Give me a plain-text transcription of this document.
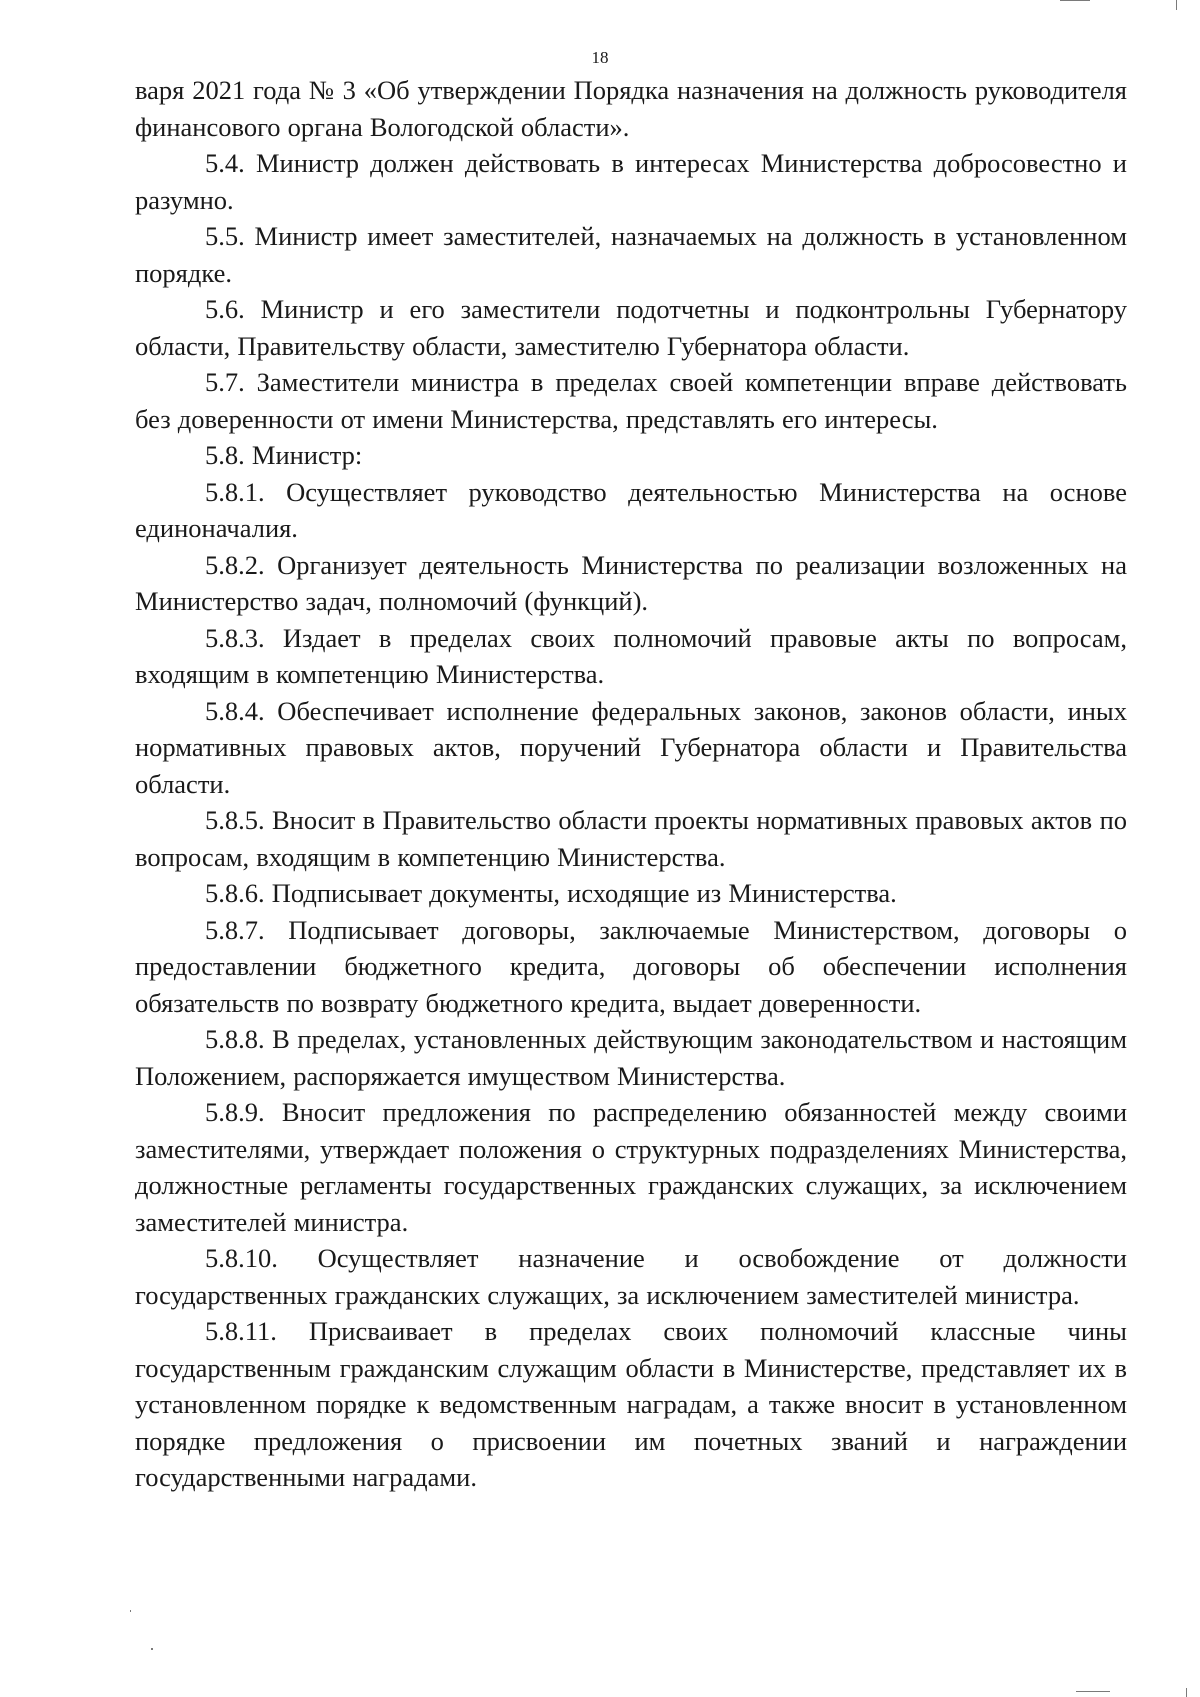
18

варя 2021 года № 3 «Об утверждении Порядка назначения на должность руководителя финансового органа Вологодской области».

5.4. Министр должен действовать в интересах Министерства добросовестно и разумно.

5.5. Министр имеет заместителей, назначаемых на должность в установленном порядке.

5.6. Министр и его заместители подотчетны и подконтрольны Губернатору области, Правительству области, заместителю Губернатора области.

5.7. Заместители министра в пределах своей компетенции вправе действовать без доверенности от имени Министерства, представлять его интересы.

5.8. Министр:

5.8.1. Осуществляет руководство деятельностью Министерства на основе единоначалия.

5.8.2. Организует деятельность Министерства по реализации возложенных на Министерство задач, полномочий (функций).

5.8.3. Издает в пределах своих полномочий правовые акты по вопросам, входящим в компетенцию Министерства.

5.8.4. Обеспечивает исполнение федеральных законов, законов области, иных нормативных правовых актов, поручений Губернатора области и Правительства области.

5.8.5. Вносит в Правительство области проекты нормативных правовых актов по вопросам, входящим в компетенцию Министерства.

5.8.6. Подписывает документы, исходящие из Министерства.

5.8.7. Подписывает договоры, заключаемые Министерством, договоры о предоставлении бюджетного кредита, договоры об обеспечении исполнения обязательств по возврату бюджетного кредита, выдает доверенности.

5.8.8. В пределах, установленных действующим законодательством и настоящим Положением, распоряжается имуществом Министерства.

5.8.9. Вносит предложения по распределению обязанностей между своими заместителями, утверждает положения о структурных подразделениях Министерства, должностные регламенты государственных гражданских служащих, за исключением заместителей министра.

5.8.10. Осуществляет назначение и освобождение от должности государственных гражданских служащих, за исключением заместителей министра.

5.8.11. Присваивает в пределах своих полномочий классные чины государственным гражданским служащим области в Министерстве, представляет их в установленном порядке к ведомственным наградам, а также вносит в установленном порядке предложения о присвоении им почетных званий и награждении государственными наградами.
